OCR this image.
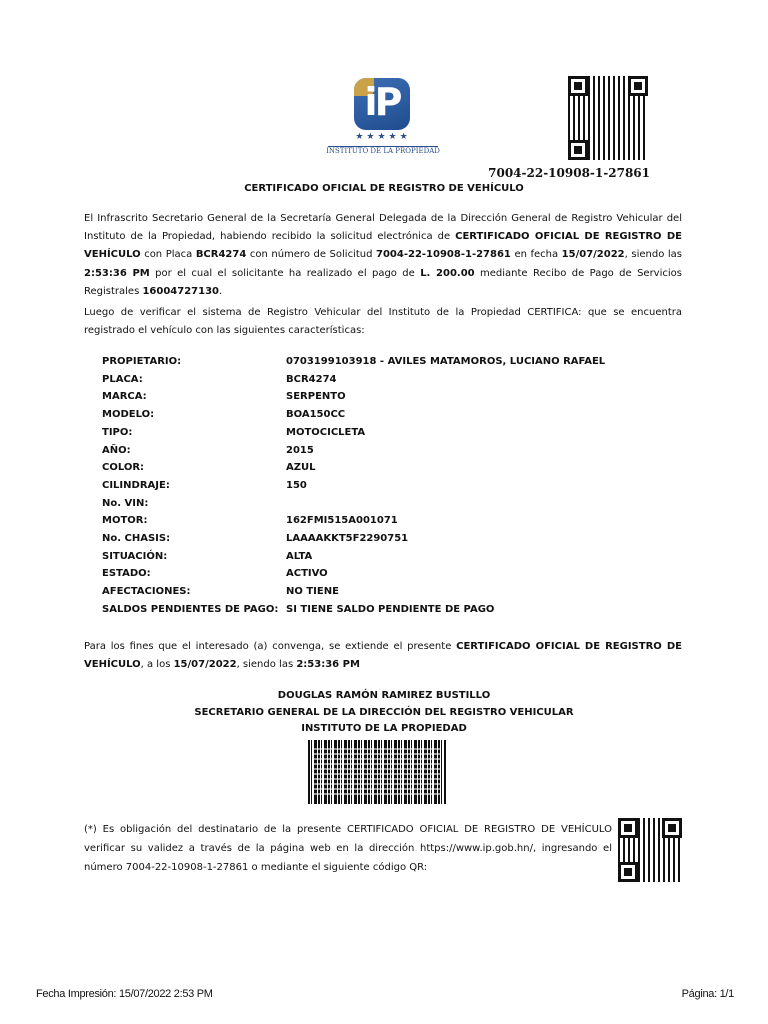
iP
★★★★★
INSTITUTO DE LA PROPIEDAD
7004-22-10908-1-27861
CERTIFICADO OFICIAL DE REGISTRO DE VEHÍCULO
El Infrascrito Secretario General de la Secretaría General Delegada de la Dirección General de Registro Vehicular del Instituto de la Propiedad, habiendo recibido la solicitud electrónica de CERTIFICADO OFICIAL DE REGISTRO DE VEHÍCULO con Placa BCR4274 con número de Solicitud 7004-22-10908-1-27861 en fecha 15/07/2022, siendo las 2:53:36 PM por el cual el solicitante ha realizado el pago de L. 200.00 mediante Recibo de Pago de Servicios Registrales 16004727130.
Luego de verificar el sistema de Registro Vehicular del Instituto de la Propiedad CERTIFICA: que se encuentra registrado el vehículo con las siguientes características:
PROPIETARIO:	0703199103918 - AVILES MATAMOROS, LUCIANO RAFAEL
PLACA:	BCR4274
MARCA:	SERPENTO
MODELO:	BOA150CC
TIPO:	MOTOCICLETA
AÑO:	2015
COLOR:	AZUL
CILINDRAJE:	150
No. VIN:
MOTOR:	162FMI515A001071
No. CHASIS:	LAAAAKKT5F2290751
SITUACIÓN:	ALTA
ESTADO:	ACTIVO
AFECTACIONES:	NO TIENE
SALDOS PENDIENTES DE PAGO: SI TIENE SALDO PENDIENTE DE PAGO
Para los fines que el interesado (a) convenga, se extiende el presente CERTIFICADO OFICIAL DE REGISTRO DE VEHÍCULO, a los 15/07/2022, siendo las 2:53:36 PM
DOUGLAS RAMÓN RAMIREZ BUSTILLO
SECRETARIO GENERAL DE LA DIRECCIÓN DEL REGISTRO VEHICULAR
INSTITUTO DE LA PROPIEDAD
(*) Es obligación del destinatario de la presente CERTIFICADO OFICIAL DE REGISTRO DE VEHÍCULO verificar su validez a través de la página web en la dirección https://www.ip.gob.hn/, ingresando el número 7004-22-10908-1-27861 o mediante el siguiente código QR:
Fecha Impresión: 15/07/2022 2:53 PM	Página: 1/1
